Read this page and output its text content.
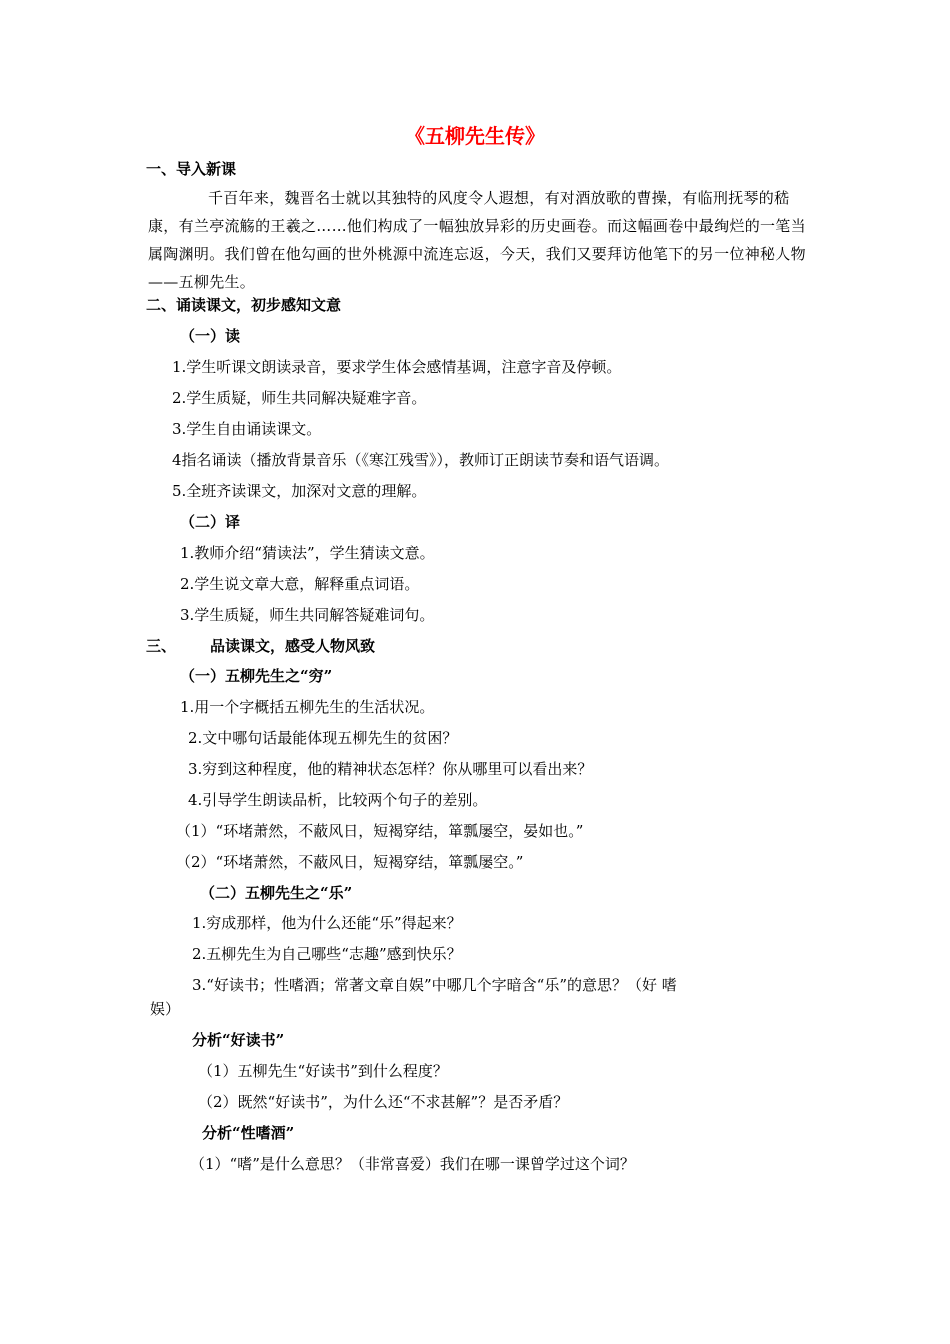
《五柳先生传》
一、导入新课
千百年来，魏晋名士就以其独特的风度令人遐想，有对酒放歌的曹操，有临刑抚琴的嵇康，有兰亭流觞的王羲之……他们构成了一幅独放异彩的历史画卷。而这幅画卷中最绚烂的一笔当属陶渊明。我们曾在他勾画的世外桃源中流连忘返，今天，我们又要拜访他笔下的另一位神秘人物——五柳先生。
二、诵读课文，初步感知文意
（一）读
1.学生听课文朗读录音，要求学生体会感情基调，注意字音及停顿。
2.学生质疑，师生共同解决疑难字音。
3.学生自由诵读课文。
4指名诵读（播放背景音乐（《寒江残雪》），教师订正朗读节奏和语气语调。
5.全班齐读课文，加深对文意的理解。
（二）译
1.教师介绍“猜读法”，学生猜读文意。
2.学生说文章大意，解释重点词语。
3.学生质疑，师生共同解答疑难词句。
三、 品读课文，感受人物风致
（一）五柳先生之“穷”
1.用一个字概括五柳先生的生活状况。
2.文中哪句话最能体现五柳先生的贫困？
3.穷到这种程度，他的精神状态怎样？你从哪里可以看出来？
4.引导学生朗读品析，比较两个句子的差别。
（1）“环堵萧然，不蔽风日，短褐穿结，箪瓢屡空，晏如也。”
（2）“环堵萧然，不蔽风日，短褐穿结，箪瓢屡空。”
（二）五柳先生之“乐”
1.穷成那样，他为什么还能“乐”得起来？
2.五柳先生为自己哪些“志趣”感到快乐？
3.“好读书；性嗜酒；常著文章自娱”中哪几个字暗含“乐”的意思？（好 嗜
娱）
分析“好读书”
（1）五柳先生“好读书”到什么程度？
（2）既然“好读书”，为什么还“不求甚解”？是否矛盾？
分析“性嗜酒”
（1）“嗜”是什么意思？（非常喜爱）我们在哪一课曾学过这个词？
